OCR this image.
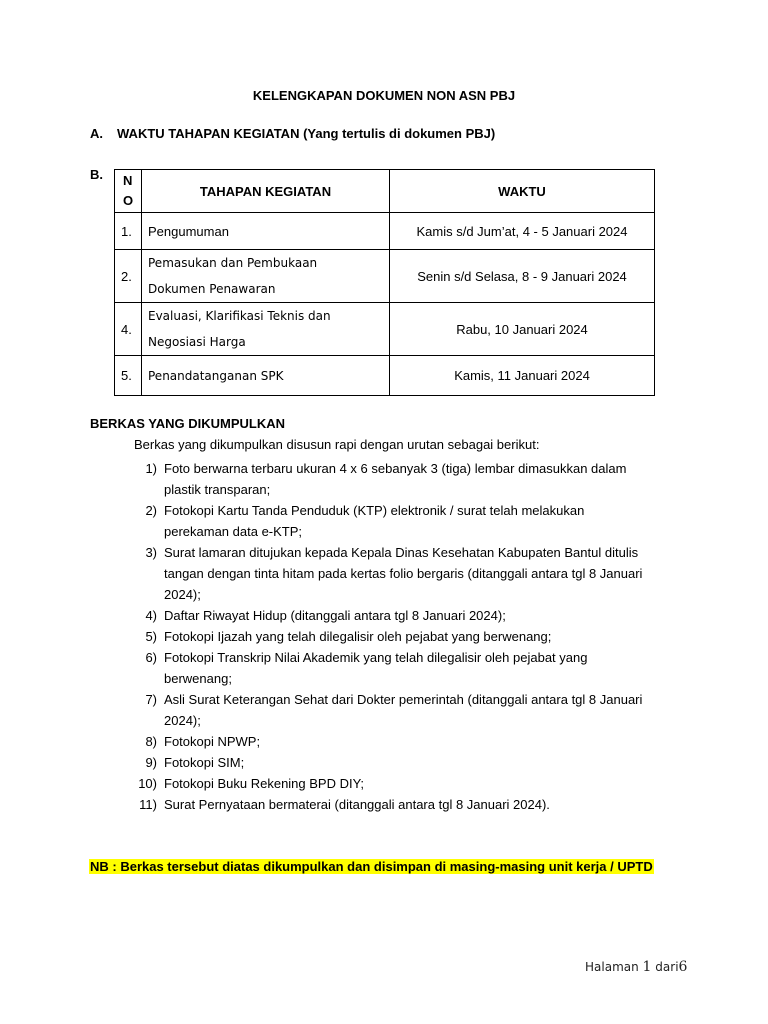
KELENGKAPAN DOKUMEN NON ASN PBJ
A. WAKTU TAHAPAN KEGIATAN (Yang tertulis di dokumen PBJ)
B. N
O	TAHAPAN KEGIATAN	WAKTU
1.	Pengumuman	Kamis s/d Jum’at, 4 - 5 Januari 2024
2.	Pemasukan dan Pembukaan
Dokumen Penawaran	Senin s/d Selasa, 8 - 9 Januari 2024
4.	Evaluasi, Klarifikasi Teknis dan
Negosiasi Harga	Rabu, 10 Januari 2024
5.	Penandatanganan SPK	Kamis, 11 Januari 2024
BERKAS YANG DIKUMPULKAN
Berkas yang dikumpulkan disusun rapi dengan urutan sebagai berikut:
1) Foto berwarna terbaru ukuran 4 x 6 sebanyak 3 (tiga) lembar dimasukkan dalam
plastik transparan;
2) Fotokopi Kartu Tanda Penduduk (KTP) elektronik / surat telah melakukan
perekaman data e-KTP;
3) Surat lamaran ditujukan kepada Kepala Dinas Kesehatan Kabupaten Bantul ditulis
tangan dengan tinta hitam pada kertas folio bergaris (ditanggali antara tgl 8 Januari
2024);
4) Daftar Riwayat Hidup (ditanggali antara tgl 8 Januari 2024);
5) Fotokopi Ijazah yang telah dilegalisir oleh pejabat yang berwenang;
6) Fotokopi Transkrip Nilai Akademik yang telah dilegalisir oleh pejabat yang
berwenang;
7) Asli Surat Keterangan Sehat dari Dokter pemerintah (ditanggali antara tgl 8 Januari
2024);
8) Fotokopi NPWP;
9) Fotokopi SIM;
10) Fotokopi Buku Rekening BPD DIY;
11) Surat Pernyataan bermaterai (ditanggali antara tgl 8 Januari 2024).
NB : Berkas tersebut diatas dikumpulkan dan disimpan di masing-masing unit kerja / UPTD
Halaman 1 dari6
